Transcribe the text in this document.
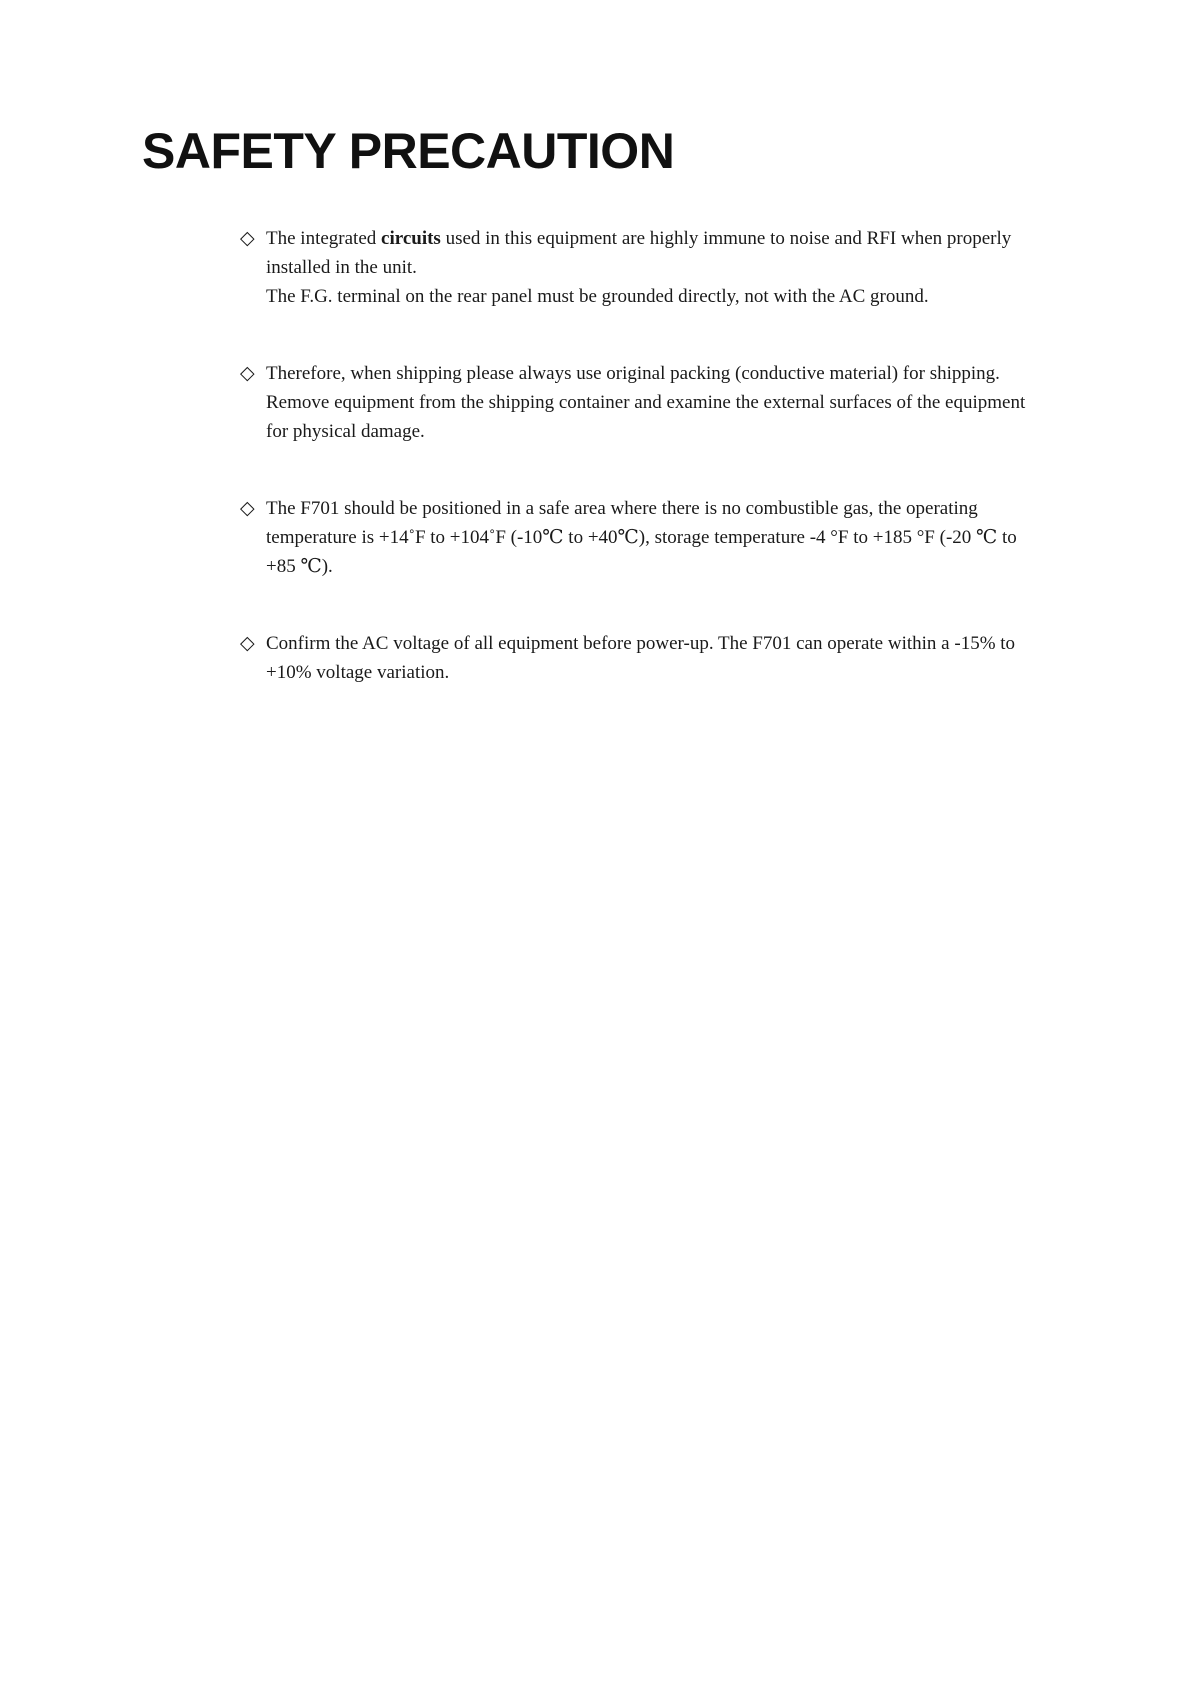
SAFETY PRECAUTION
◇ The integrated circuits used in this equipment are highly immune to noise and RFI when properly installed in the unit.

The F.G. terminal on the rear panel must be grounded directly, not with the AC ground.

◇ Therefore, when shipping please always use original packing (conductive material) for shipping. Remove equipment from the shipping container and examine the external surfaces of the equipment for physical damage.

◇ The F701 should be positioned in a safe area where there is no combustible gas, the operating temperature is +14˚F to +104˚F (-10℃ to +40℃), storage temperature -4 °F to +185 °F (-20 ℃ to +85 ℃).

◇ Confirm the AC voltage of all equipment before power-up. The F701 can operate within a -15% to +10% voltage variation.
